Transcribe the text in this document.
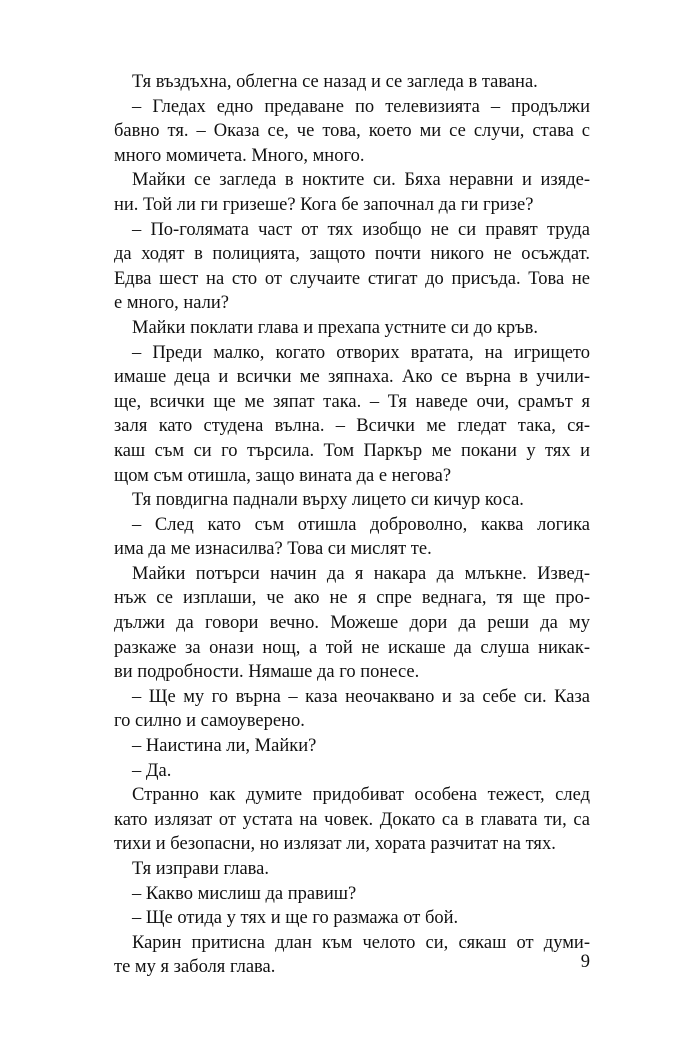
Тя въздъхна, облегна се назад и се загледа в тавана.
– Гледах едно предаване по телевизията – продължи
бавно тя. – Оказа се, че това, което ми се случи, става с
много момичета. Много, много.
Майки се загледа в ноктите си. Бяха неравни и изяде-
ни. Той ли ги гризеше? Кога бе започнал да ги гризе?
– По-голямата част от тях изобщо не си правят труда
да ходят в полицията, защото почти никого не осъждат.
Едва шест на сто от случаите стигат до присъда. Това не
е много, нали?
Майки поклати глава и прехапа устните си до кръв.
– Преди малко, когато отворих вратата, на игрището
имаше деца и всички ме зяпнаха. Ако се върна в учили-
ще, всички ще ме зяпат така. – Тя наведе очи, срамът я
заля като студена вълна. – Всички ме гледат така, ся-
каш съм си го търсила. Том Паркър ме покани у тях и
щом съм отишла, защо вината да е негова?
Тя повдигна паднали върху лицето си кичур коса.
– След като съм отишла доброволно, каква логика
има да ме изнасилва? Това си мислят те.
Майки потърси начин да я накара да млъкне. Извед-
нъж се изплаши, че ако не я спре веднага, тя ще про-
дължи да говори вечно. Можеше дори да реши да му
разкаже за онази нощ, а той не искаше да слуша никак-
ви подробности. Нямаше да го понесе.
– Ще му го върна – каза неочаквано и за себе си. Каза
го силно и самоуверено.
– Наистина ли, Майки?
– Да.
Странно как думите придобиват особена тежест, след
като излязат от устата на човек. Докато са в главата ти, са
тихи и безопасни, но излязат ли, хората разчитат на тях.
Тя изправи глава.
– Какво мислиш да правиш?
– Ще отида у тях и ще го размажа от бой.
Карин притисна длан към челото си, сякаш от думи-
те му я заболя глава.	9
